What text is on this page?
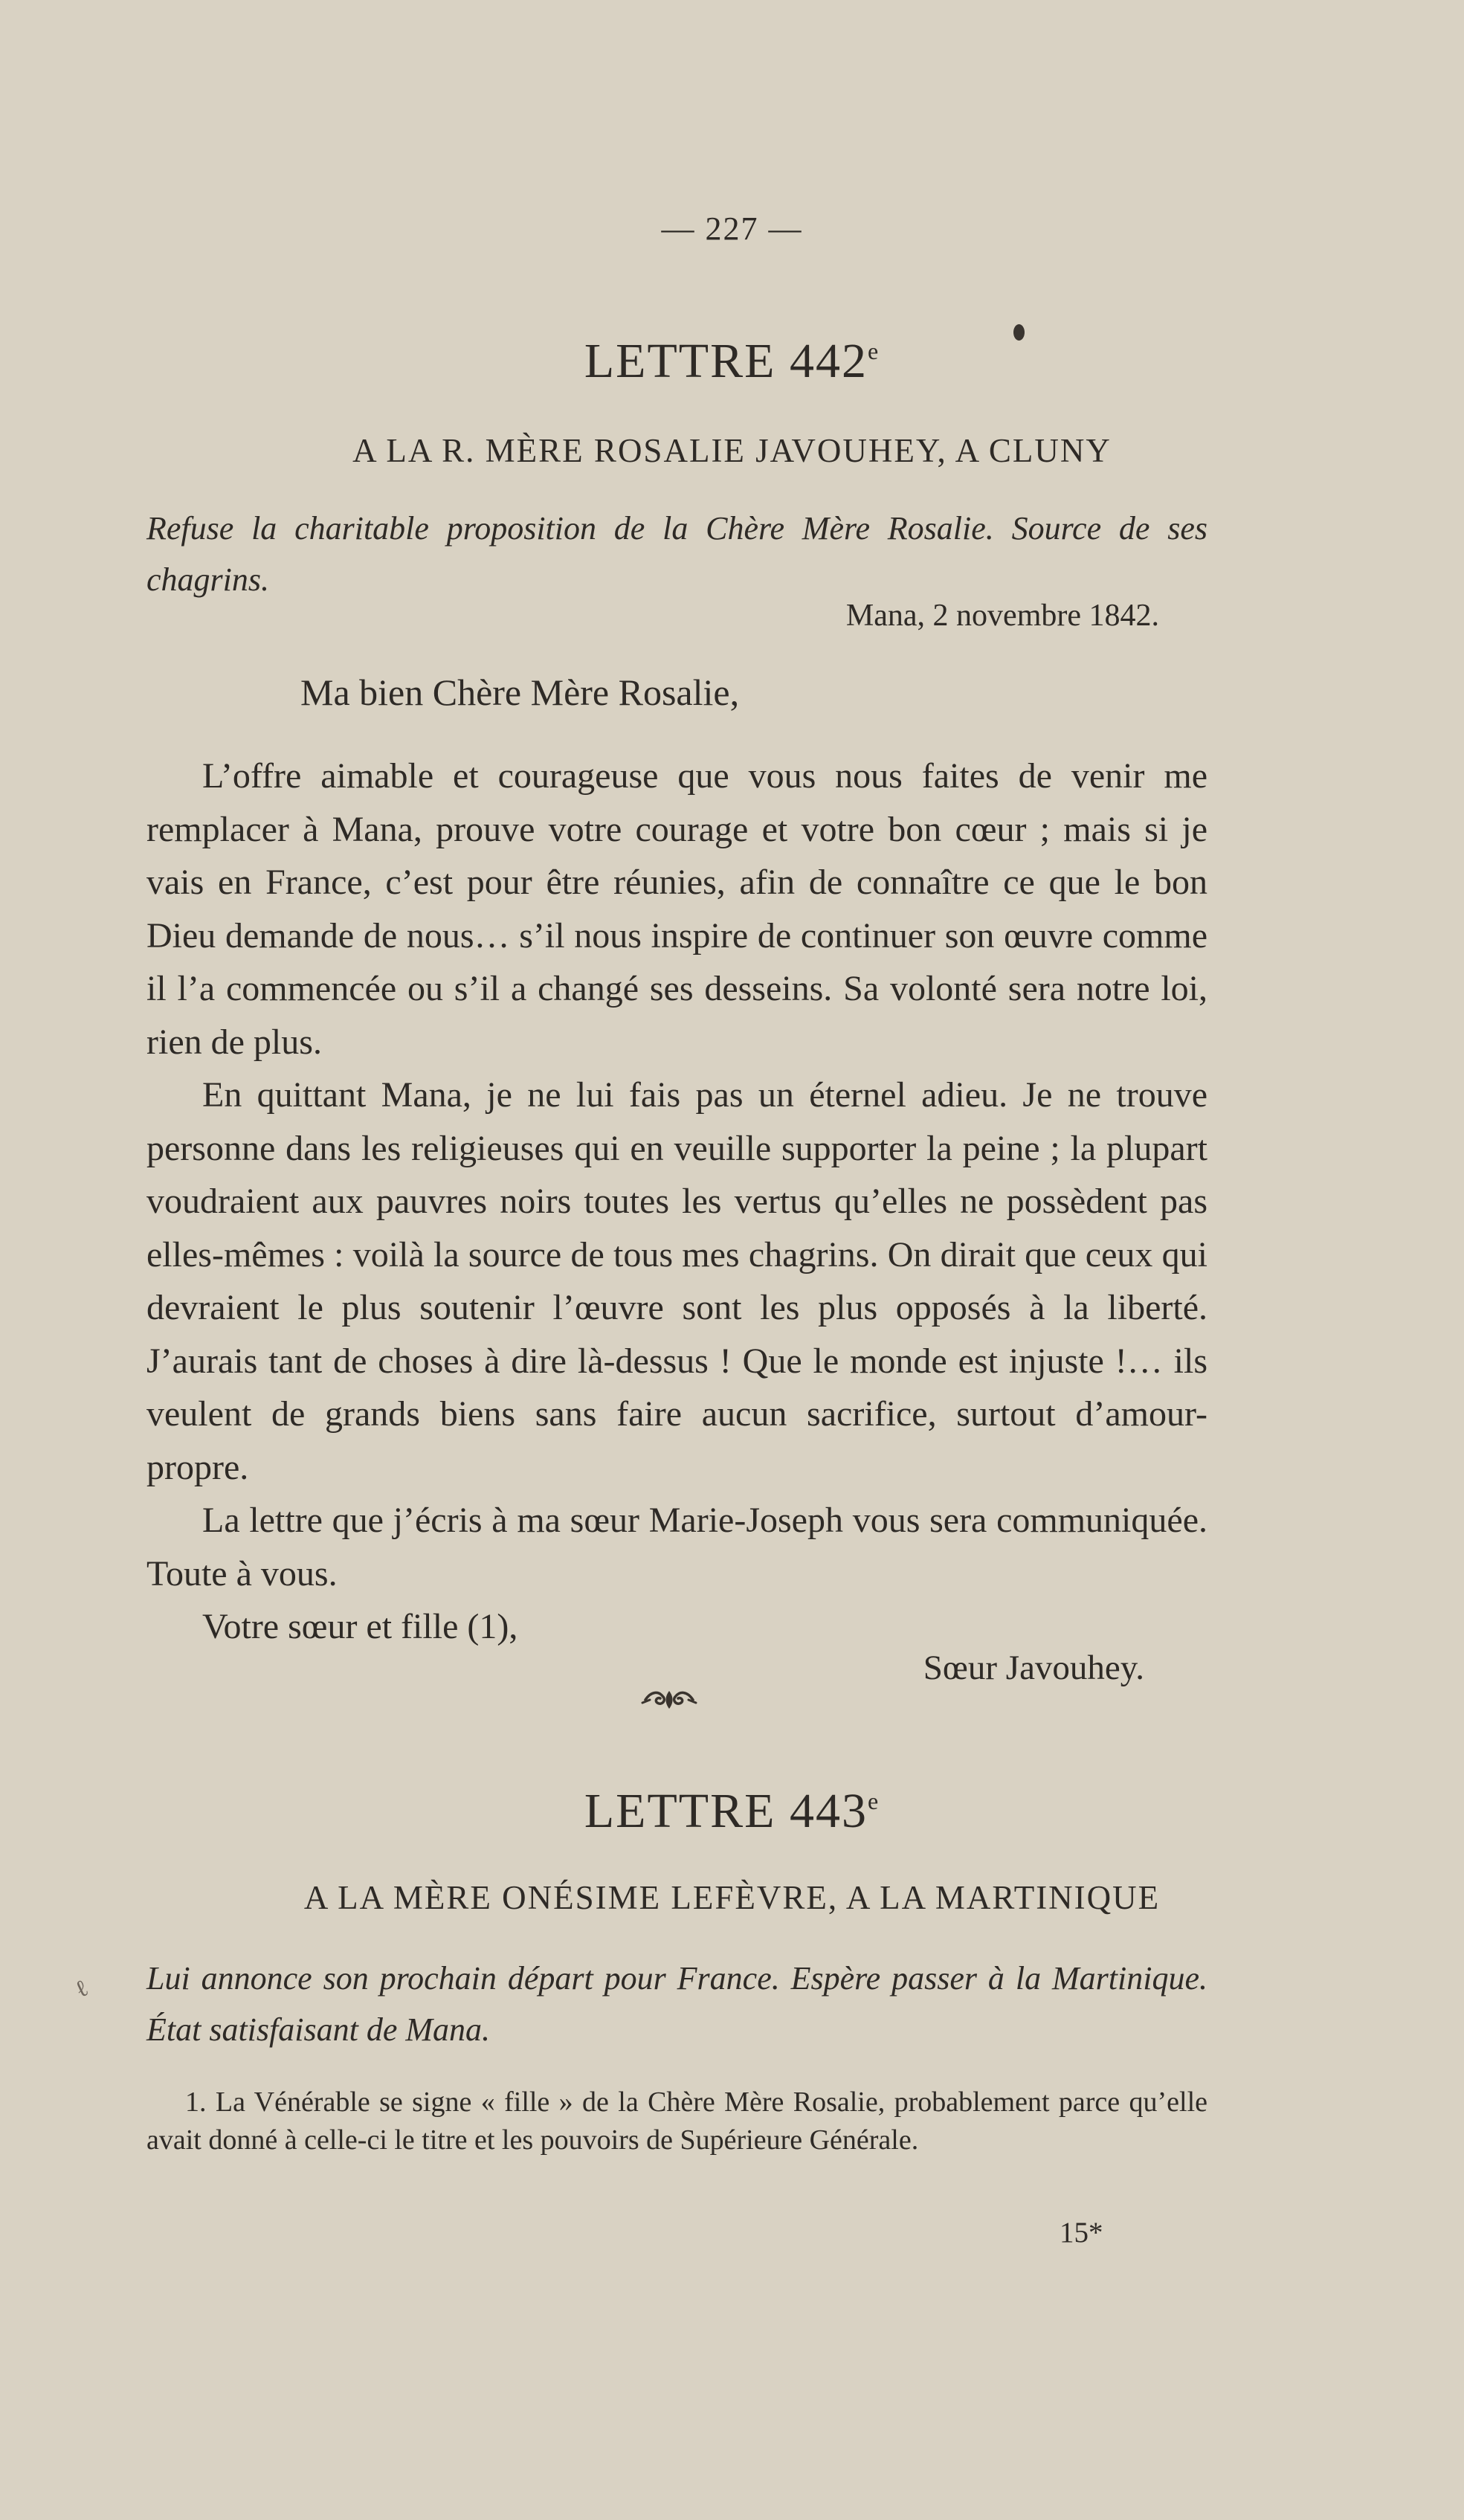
— 227 —
LETTRE 442e
A LA R. MÈRE ROSALIE JAVOUHEY, A CLUNY
Refuse la charitable proposition de la Chère Mère Rosalie. Source de ses chagrins.
Mana, 2 novembre 1842.
Ma bien Chère Mère Rosalie,

L’offre aimable et courageuse que vous nous faites de venir me remplacer à Mana, prouve votre courage et votre bon cœur ; mais si je vais en France, c’est pour être réunies, afin de connaître ce que le bon Dieu demande de nous… s’il nous inspire de continuer son œuvre comme il l’a commencée ou s’il a changé ses desseins. Sa volonté sera notre loi, rien de plus.

En quittant Mana, je ne lui fais pas un éternel adieu. Je ne trouve personne dans les religieuses qui en veuille supporter la peine ; la plupart voudraient aux pauvres noirs toutes les vertus qu’elles ne possèdent pas elles-mêmes : voilà la source de tous mes chagrins. On dirait que ceux qui devraient le plus soutenir l’œuvre sont les plus opposés à la liberté. J’aurais tant de choses à dire là-dessus ! Que le monde est injuste !… ils veulent de grands biens sans faire aucun sacrifice, surtout d’amour-propre.

La lettre que j’écris à ma sœur Marie-Joseph vous sera communiquée. Toute à vous.

Votre sœur et fille (1),

Sœur Javouhey.
LETTRE 443e
A LA MÈRE ONÉSIME LEFÈVRE, A LA MARTINIQUE
ℓ Lui annonce son prochain départ pour France. Espère passer à la Martinique. État satisfaisant de Mana.
1. La Vénérable se signe « fille » de la Chère Mère Rosalie, probablement parce qu’elle avait donné à celle-ci le titre et les pouvoirs de Supérieure Générale.
15*
